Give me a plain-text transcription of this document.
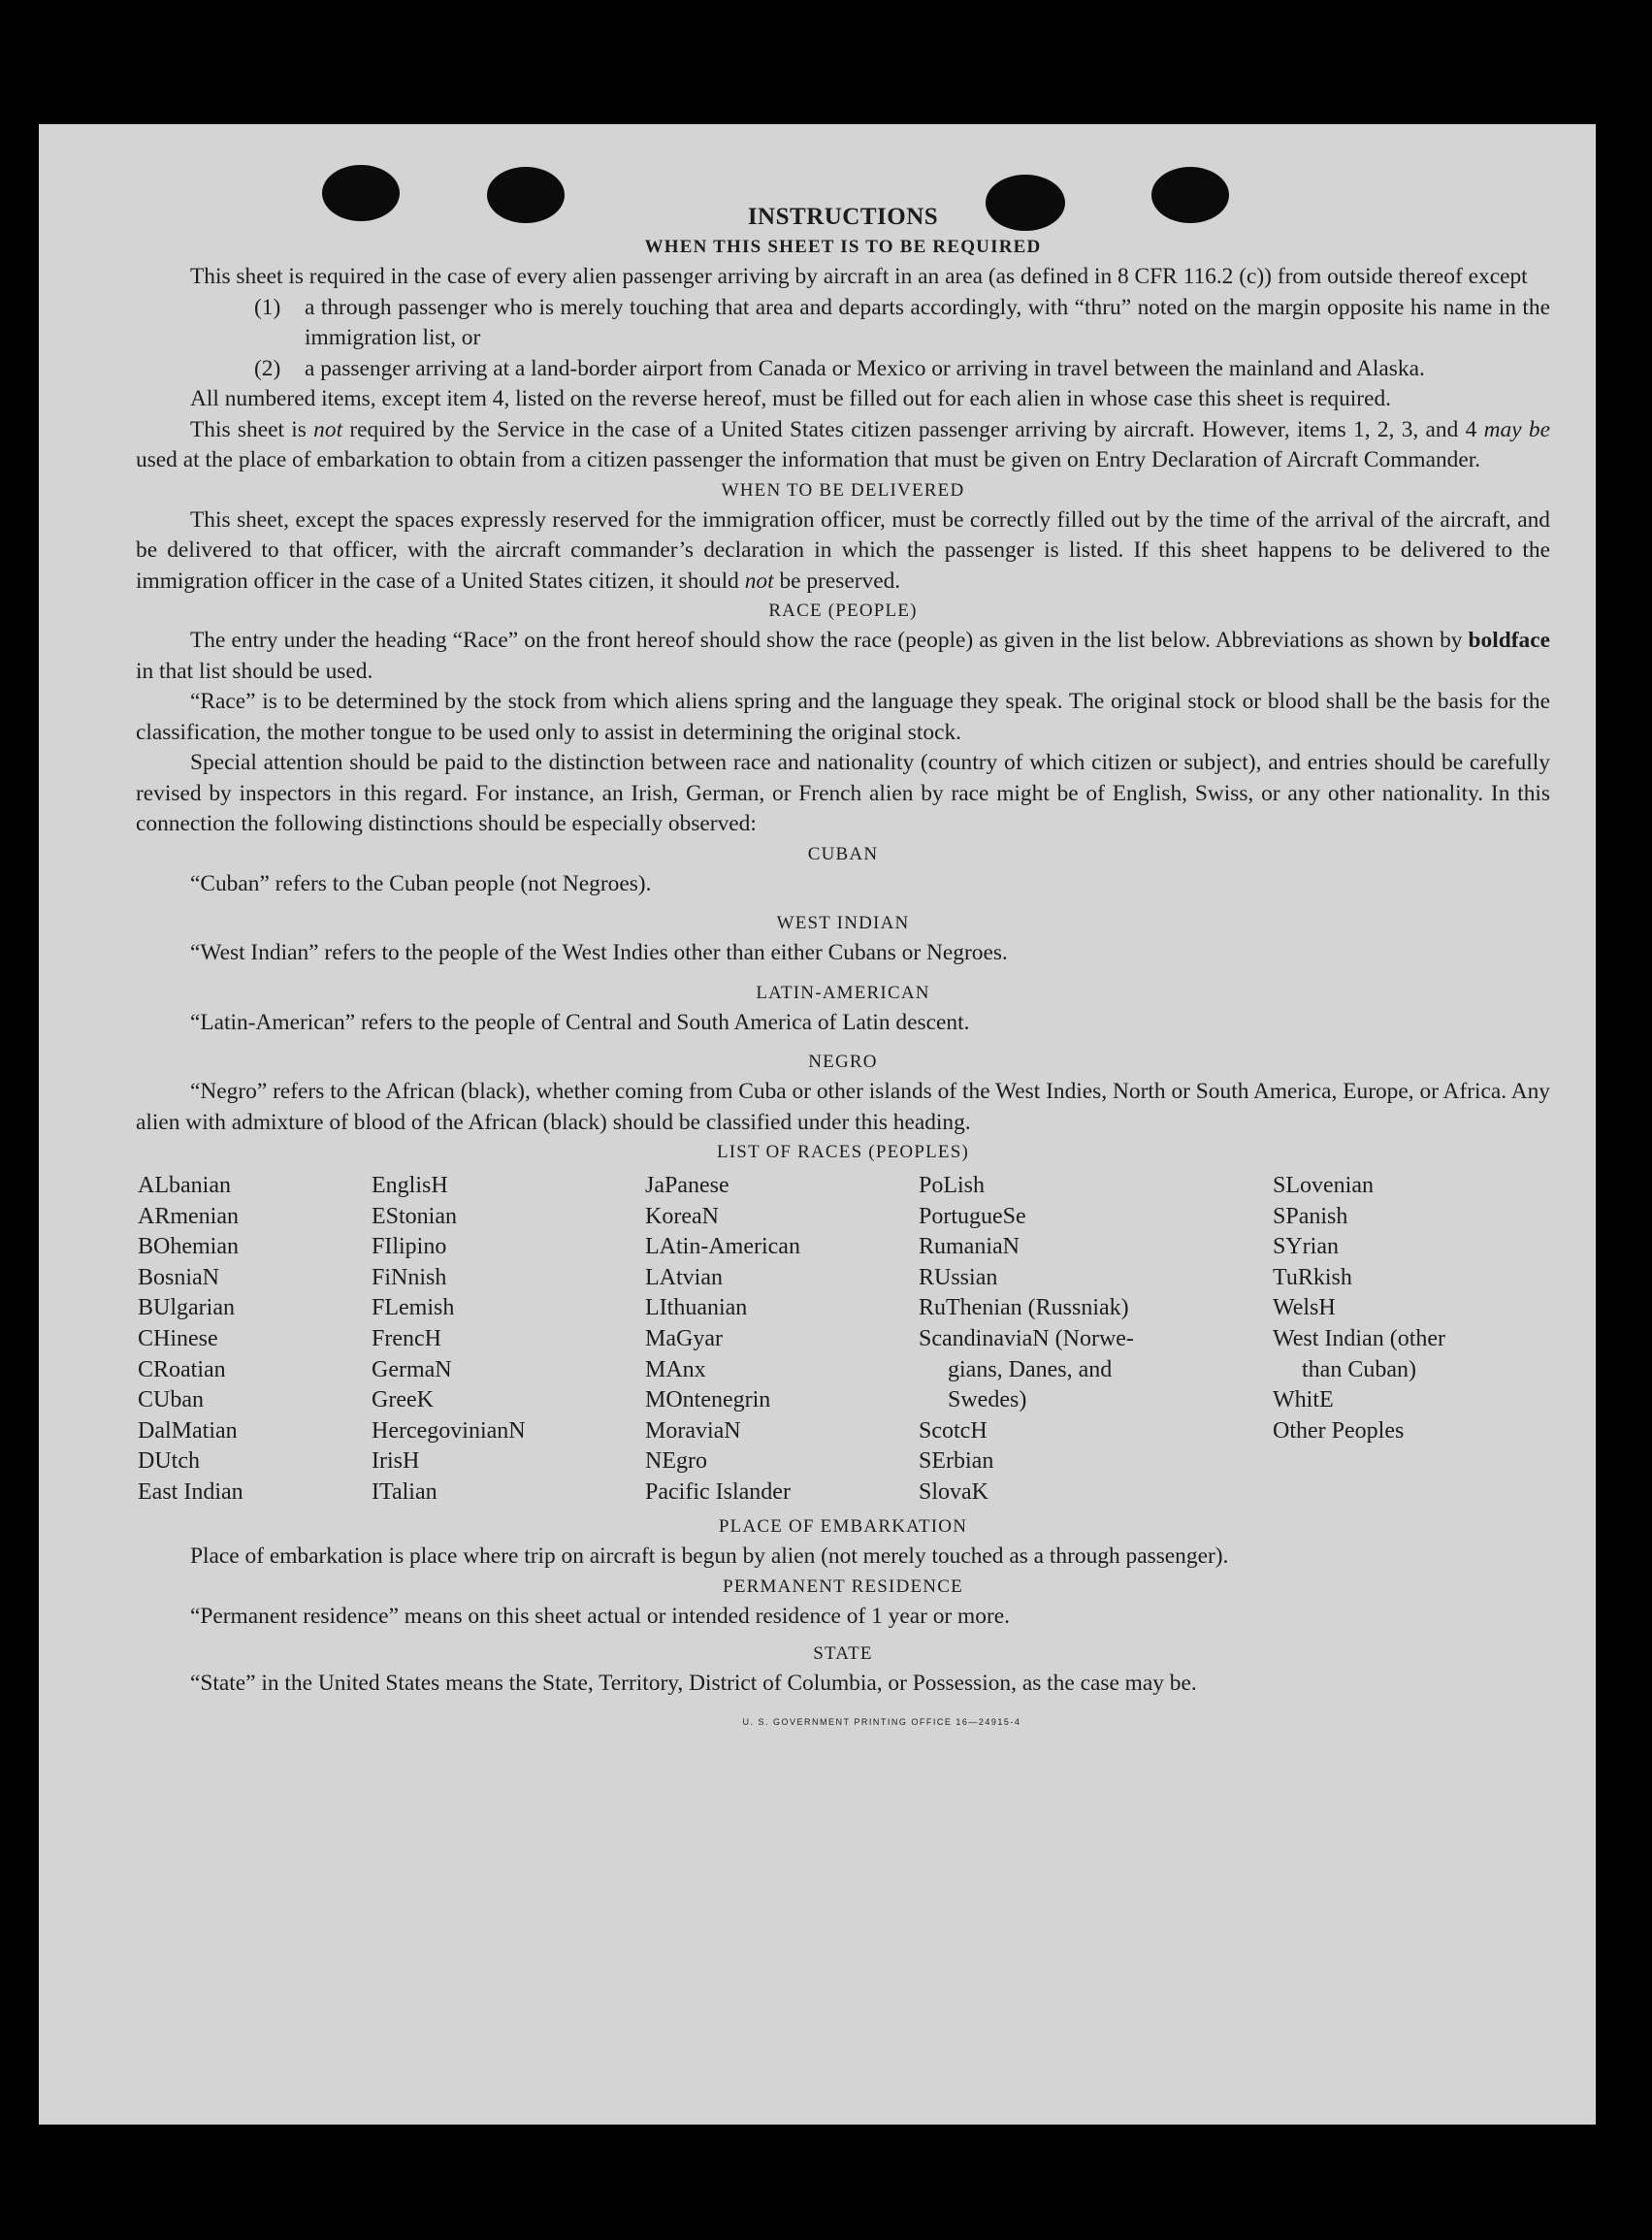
INSTRUCTIONS
WHEN THIS SHEET IS TO BE REQUIRED

This sheet is required in the case of every alien passenger arriving by aircraft in an area (as defined in 8 CFR 116.2 (c)) from outside thereof except

(1)	a through passenger who is merely touching that area and departs accordingly, with “thru” noted on the margin opposite his name in the immigration list, or
(2)	a passenger arriving at a land-border airport from Canada or Mexico or arriving in travel between the mainland and Alaska.

All numbered items, except item 4, listed on the reverse hereof, must be filled out for each alien in whose case this sheet is required.

This sheet is not required by the Service in the case of a United States citizen passenger arriving by aircraft. However, items 1, 2, 3, and 4 may be used at the place of embarkation to obtain from a citizen passenger the information that must be given on Entry Declaration of Aircraft Commander.

WHEN TO BE DELIVERED

This sheet, except the spaces expressly reserved for the immigration officer, must be correctly filled out by the time of the arrival of the aircraft, and be delivered to that officer, with the aircraft commander’s declaration in which the passenger is listed. If this sheet happens to be delivered to the immigration officer in the case of a United States citizen, it should not be preserved.

RACE (PEOPLE)

The entry under the heading “Race” on the front hereof should show the race (people) as given in the list below. Abbreviations as shown by boldface in that list should be used.

“Race” is to be determined by the stock from which aliens spring and the language they speak. The original stock or blood shall be the basis for the classification, the mother tongue to be used only to assist in determining the original stock.

Special attention should be paid to the distinction between race and nationality (country of which citizen or subject), and entries should be carefully revised by inspectors in this regard. For instance, an Irish, German, or French alien by race might be of English, Swiss, or any other nationality. In this connection the following distinctions should be especially observed:

CUBAN

“Cuban” refers to the Cuban people (not Negroes).

WEST INDIAN

“West Indian” refers to the people of the West Indies other than either Cubans or Negroes.

LATIN-AMERICAN

“Latin-American” refers to the people of Central and South America of Latin descent.

NEGRO

“Negro” refers to the African (black), whether coming from Cuba or other islands of the West Indies, North or South America, Europe, or Africa. Any alien with admixture of blood of the African (black) should be classified under this heading.

LIST OF RACES (PEOPLES)
ALbanian
ARmenian
BOhemian
BosniaN
BUlgarian
CHinese
CRoatian
CUban
DalMatian
DUtch
East Indian
EnglisH
EStonian
FIlipino
FiNnish
FLemish
FrencH
GermaN
GreeK
HercegovinianN
IrisH
ITalian
JaPanese
KoreaN
LAtin-American
LAtvian
LIthuanian
MaGyar
MAnx
MOntenegrin
MoraviaN
NEgro
Pacific Islander
PoLish
PortugueSe
RumaniaN
RUssian
RuThenian (Russniak)
ScandinaviaN (Norwe-
gians, Danes, and
Swedes)
ScotcH
SErbian
SlovaK
SLovenian
SPanish
SYrian
TuRkish
WelsH
West Indian (other
than Cuban)
WhitE
Other Peoples
PLACE OF EMBARKATION

Place of embarkation is place where trip on aircraft is begun by alien (not merely touched as a through passenger).

PERMANENT RESIDENCE

“Permanent residence” means on this sheet actual or intended residence of 1 year or more.

STATE

“State” in the United States means the State, Territory, District of Columbia, or Possession, as the case may be.

U. S. GOVERNMENT PRINTING OFFICE 16—24915-4
